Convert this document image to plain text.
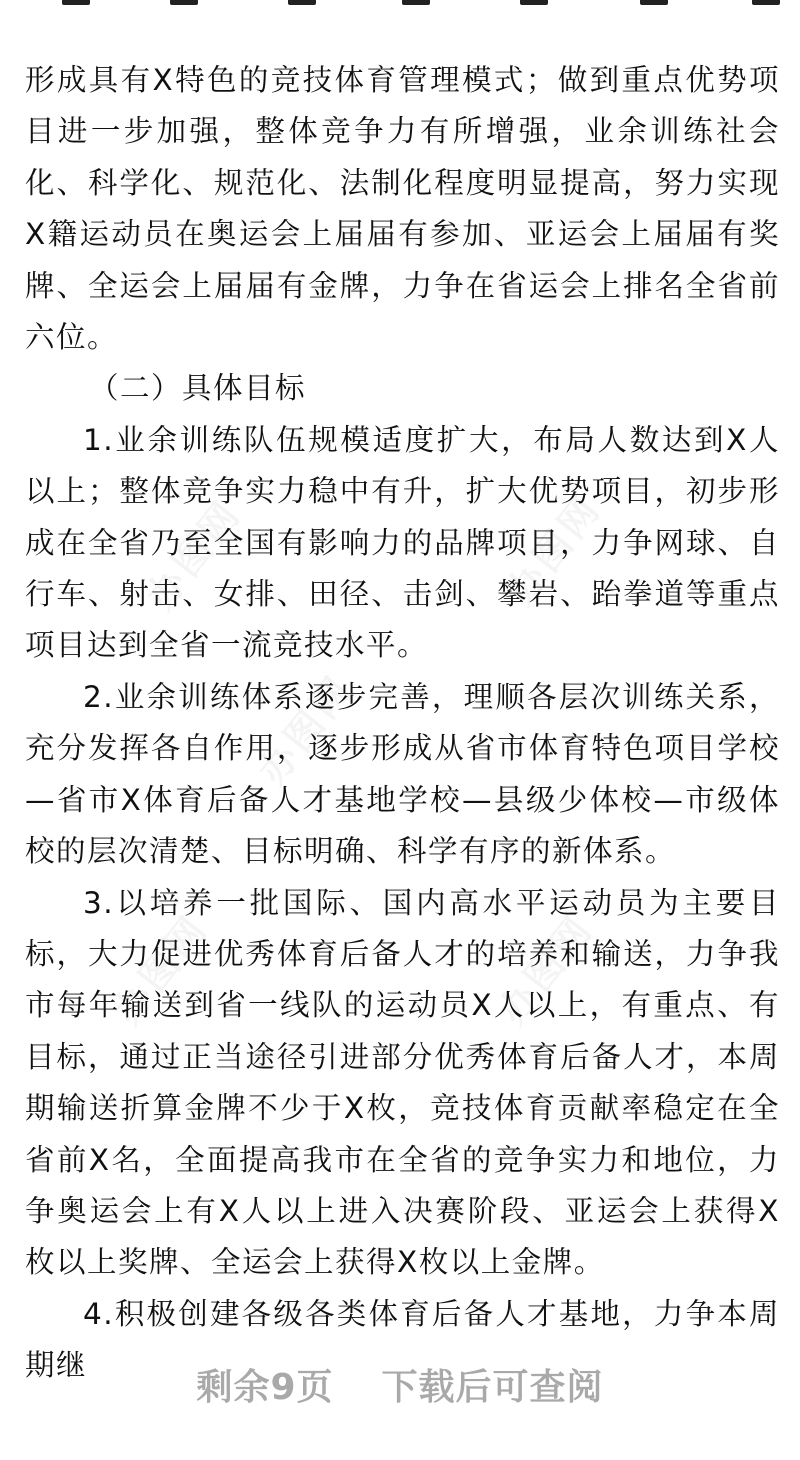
形成具有X特色的竞技体育管理模式；做到重点优势项目进一步加强，整体竞争力有所增强，业余训练社会化、科学化、规范化、法制化程度明显提高，努力实现X籍运动员在奥运会上届届有参加、亚运会上届届有奖牌、全运会上届届有金牌，力争在省运会上排名全省前六位。

（二）具体目标

1.业余训练队伍规模适度扩大，布局人数达到X人以上；整体竞争实力稳中有升，扩大优势项目，初步形成在全省乃至全国有影响力的品牌项目，力争网球、自行车、射击、女排、田径、击剑、攀岩、跆拳道等重点项目达到全省一流竞技水平。

2.业余训练体系逐步完善，理顺各层次训练关系，充分发挥各自作用，逐步形成从省市体育特色项目学校—省市X体育后备人才基地学校—县级少体校—市级体校的层次清楚、目标明确、科学有序的新体系。

3.以培养一批国际、国内高水平运动员为主要目标，大力促进优秀体育后备人才的培养和输送，力争我市每年输送到省一线队的运动员X人以上，有重点、有目标，通过正当途径引进部分优秀体育后备人才，本周期输送折算金牌不少于X枚，竞技体育贡献率稳定在全省前X名，全面提高我市在全省的竞争实力和地位，力争奥运会上有X人以上进入决赛阶段、亚运会上获得X枚以上奖牌、全运会上获得X枚以上金牌。

4.积极创建各级各类体育后备人才基地，力争本周期继

剩余9页 下载后可查阅
